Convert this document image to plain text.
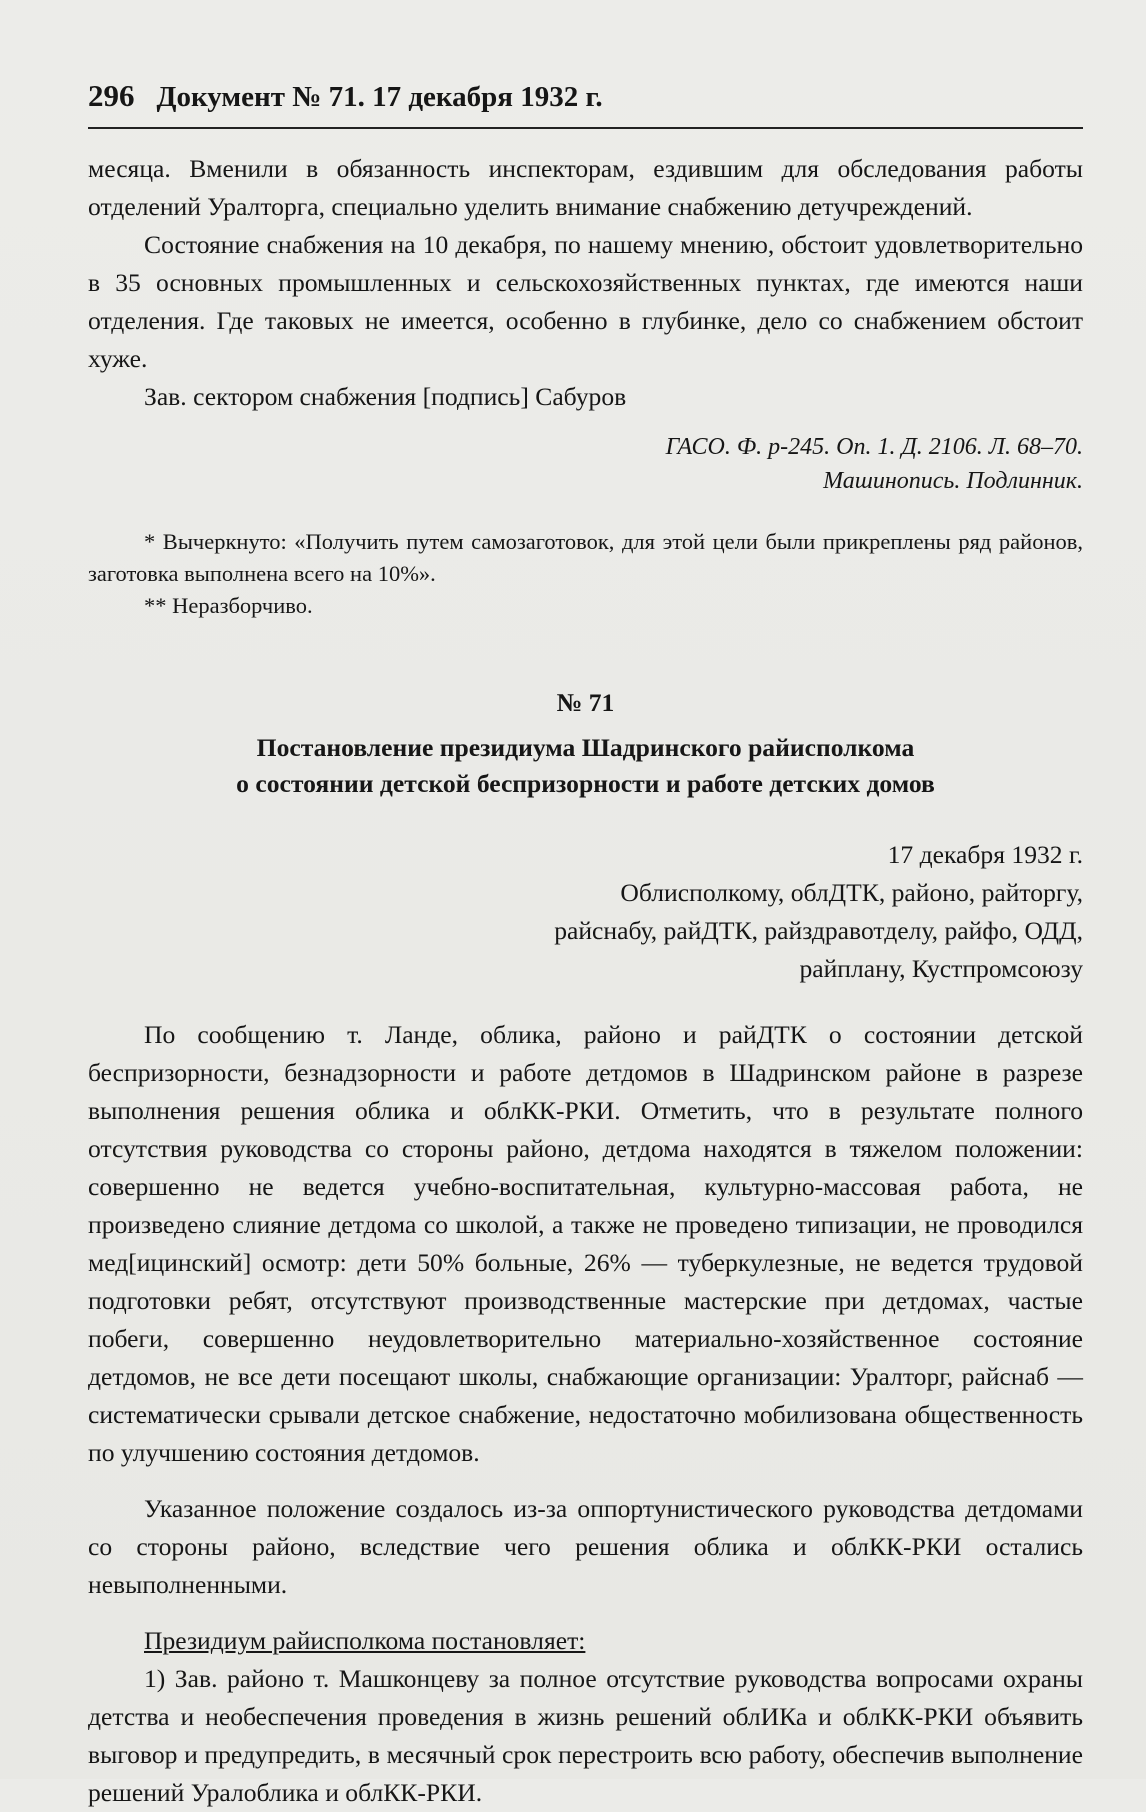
296 Документ № 71. 17 декабря 1932 г.

месяца. Вменили в обязанность инспекторам, ездившим для обследования работы отделений Уралторга, специально уделить внимание снабжению детучреждений.

Состояние снабжения на 10 декабря, по нашему мнению, обстоит удовлетворительно в 35 основных промышленных и сельскохозяйственных пунктах, где имеются наши отделения. Где таковых не имеется, особенно в глубинке, дело со снабжением обстоит хуже.

Зав. сектором снабжения [подпись] Сабуров

ГАСО. Ф. р-245. Оп. 1. Д. 2106. Л. 68–70.

Машинопись. Подлинник.

* Вычеркнуто: «Получить путем самозаготовок, для этой цели были прикреплены ряд районов, заготовка выполнена всего на 10%».

** Неразборчиво.

№ 71

Постановление президиума Шадринского райисполкома
о состоянии детской беспризорности и работе детских домов

17 декабря 1932 г.

Облисполкому, облДТК, районо, райторгу, райснабу, райДТК, райздравотделу, райфо, ОДД, райплану, Кустпромсоюзу

По сообщению т. Ланде, облика, районо и райДТК о состоянии детской беспризорности, безнадзорности и работе детдомов в Шадринском районе в разрезе выполнения решения облика и облКК-РКИ. Отметить, что в результате полного отсутствия руководства со стороны районо, детдома находятся в тяжелом положении: совершенно не ведется учебно-воспитательная, культурно-массовая работа, не произведено слияние детдома со школой, а также не проведено типизации, не проводился мед[ицинский] осмотр: дети 50% больные, 26% — туберкулезные, не ведется трудовой подготовки ребят, отсутствуют производственные мастерские при детдомах, частые побеги, совершенно неудовлетворительно материально-хозяйственное состояние детдомов, не все дети посещают школы, снабжающие организации: Уралторг, райснаб — систематически срывали детское снабжение, недостаточно мобилизована общественность по улучшению состояния детдомов.

Указанное положение создалось из-за оппортунистического руководства детдомами со стороны районо, вследствие чего решения облика и облКК-РКИ остались невыполненными.

Президиум райисполкома постановляет:

1) Зав. районо т. Машконцеву за полное отсутствие руководства вопросами охраны детства и необеспечения проведения в жизнь решений облИКа и облКК-РКИ объявить выговор и предупредить, в месячный срок перестроить всю работу, обеспечив выполнение решений Уралоблика и облКК-РКИ.
